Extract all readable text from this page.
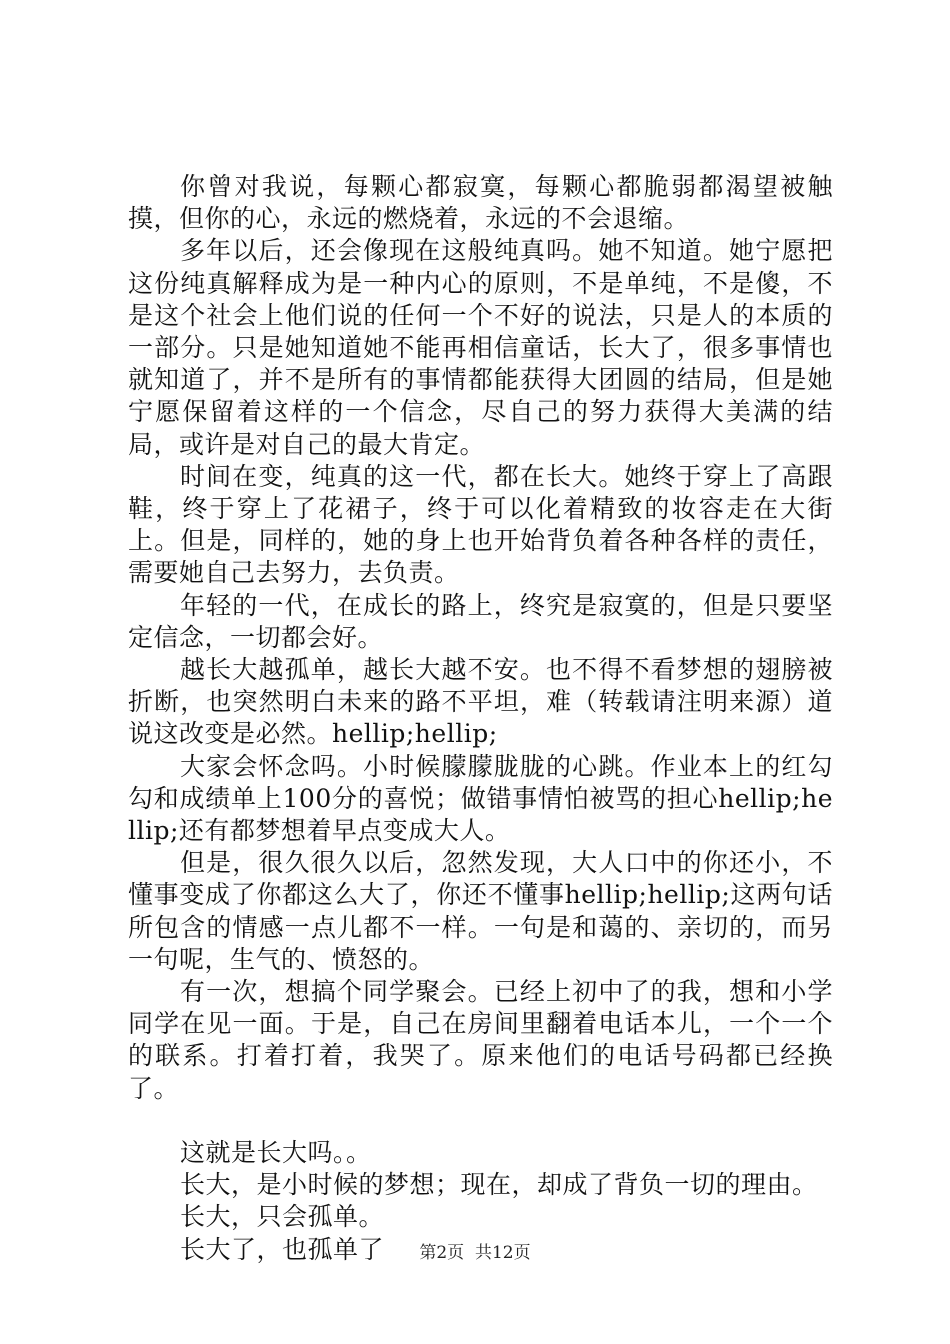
你曾对我说，每颗心都寂寞，每颗心都脆弱都渴望被触摸，但你的心，永远的燃烧着，永远的不会退缩。

多年以后，还会像现在这般纯真吗。她不知道。她宁愿把这份纯真解释成为是一种内心的原则，不是单纯，不是傻，不是这个社会上他们说的任何一个不好的说法，只是人的本质的一部分。只是她知道她不能再相信童话，长大了，很多事情也就知道了，并不是所有的事情都能获得大团圆的结局，但是她宁愿保留着这样的一个信念，尽自己的努力获得大美满的结局，或许是对自己的最大肯定。

时间在变，纯真的这一代，都在长大。她终于穿上了高跟鞋，终于穿上了花裙子，终于可以化着精致的妆容走在大街上。但是，同样的，她的身上也开始背负着各种各样的责任，需要她自己去努力，去负责。

年轻的一代，在成长的路上，终究是寂寞的，但是只要坚定信念，一切都会好。

越长大越孤单，越长大越不安。也不得不看梦想的翅膀被折断，也突然明白未来的路不平坦，难（转载请注明来源）道说这改变是必然。hellip;hellip;

大家会怀念吗。小时候朦朦胧胧的心跳。作业本上的红勾勾和成绩单上100分的喜悦；做错事情怕被骂的担心hellip;hellip;还有都梦想着早点变成大人。

但是，很久很久以后，忽然发现，大人口中的你还小，不懂事变成了你都这么大了，你还不懂事hellip;hellip;这两句话所包含的情感一点儿都不一样。一句是和蔼的、亲切的，而另一句呢，生气的、愤怒的。

有一次，想搞个同学聚会。已经上初中了的我，想和小学同学在见一面。于是，自己在房间里翻着电话本儿，一个一个的联系。打着打着，我哭了。原来他们的电话号码都已经换了。

这就是长大吗。。

长大，是小时候的梦想；现在，却成了背负一切的理由。

长大，只会孤单。

长大了，也孤单了	第2页  共12页
